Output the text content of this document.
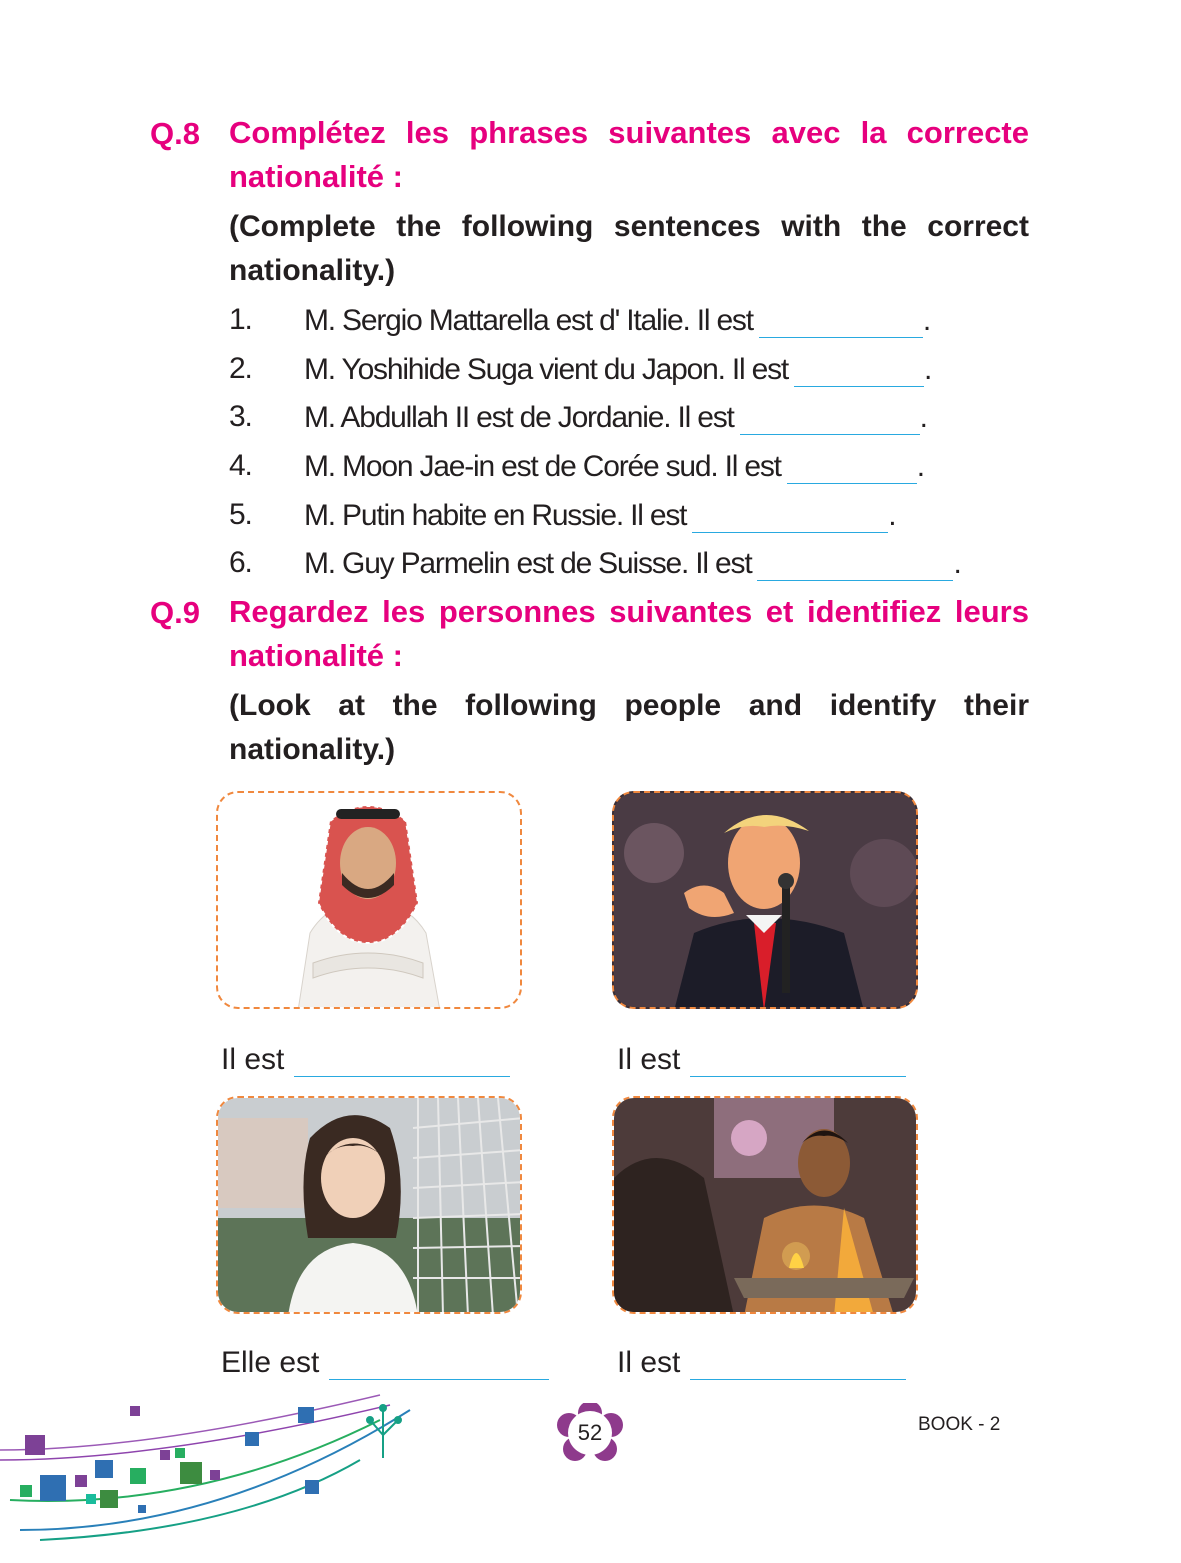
Q.8 Complétez les phrases suivantes avec la correcte
nationalité :
(Complete the following sentences with the correct
nationality.)
1. M. Sergio Mattarella est d' Italie. Il est	.
2. M. Yoshihide Suga vient du Japon. Il est	.
3. M. Abdullah II est de Jordanie. Il est	.
4. M. Moon Jae-in est de Corée sud. Il est	.
5. M. Putin habite en Russie. Il est	.
6. M. Guy Parmelin est de Suisse. Il est	.
Q.9 Regardez les personnes suivantes et identifiez leurs
nationalité :
(Look at the following people and identify their
nationality.)
Il est	Il est
Elle est	Il est
52	BOOK - 2
